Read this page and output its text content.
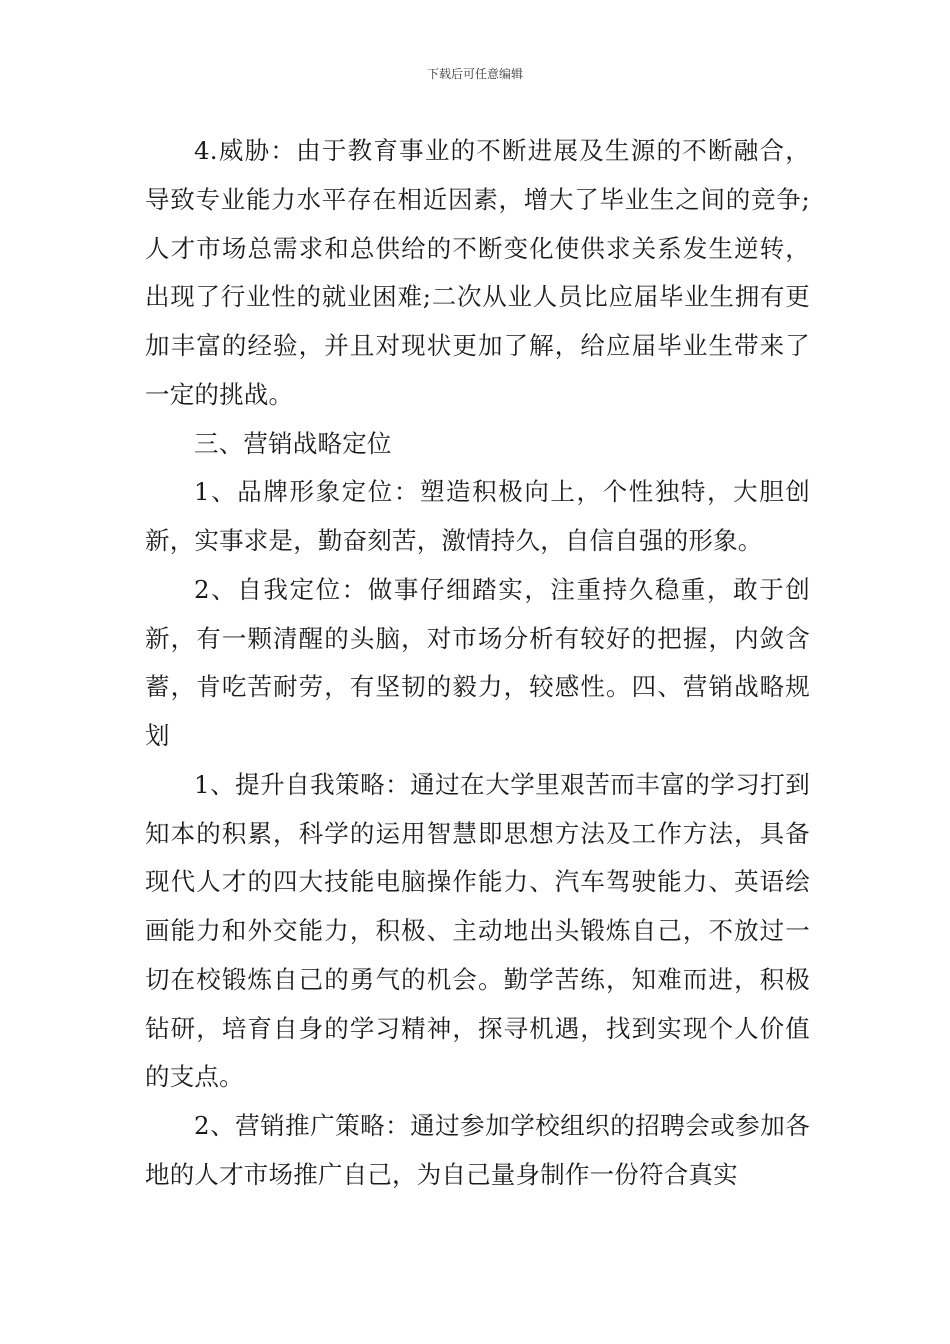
下载后可任意编辑

4.威胁：由于教育事业的不断进展及生源的不断融合，导致专业能力水平存在相近因素，增大了毕业生之间的竞争;人才市场总需求和总供给的不断变化使供求关系发生逆转，出现了行业性的就业困难;二次从业人员比应届毕业生拥有更加丰富的经验，并且对现状更加了解，给应届毕业生带来了一定的挑战。

三、营销战略定位

1、品牌形象定位：塑造积极向上，个性独特，大胆创新，实事求是，勤奋刻苦，激情持久，自信自强的形象。

2、自我定位：做事仔细踏实，注重持久稳重，敢于创新，有一颗清醒的头脑，对市场分析有较好的把握，内敛含蓄，肯吃苦耐劳，有坚韧的毅力，较感性。四、营销战略规划

1、提升自我策略：通过在大学里艰苦而丰富的学习打到知本的积累，科学的运用智慧即思想方法及工作方法，具备现代人才的四大技能电脑操作能力、汽车驾驶能力、英语绘画能力和外交能力，积极、主动地出头锻炼自己，不放过一切在校锻炼自己的勇气的机会。勤学苦练，知难而进，积极钻研，培育自身的学习精神，探寻机遇，找到实现个人价值的支点。

2、营销推广策略：通过参加学校组织的招聘会或参加各地的人才市场推广自己，为自己量身制作一份符合真实
